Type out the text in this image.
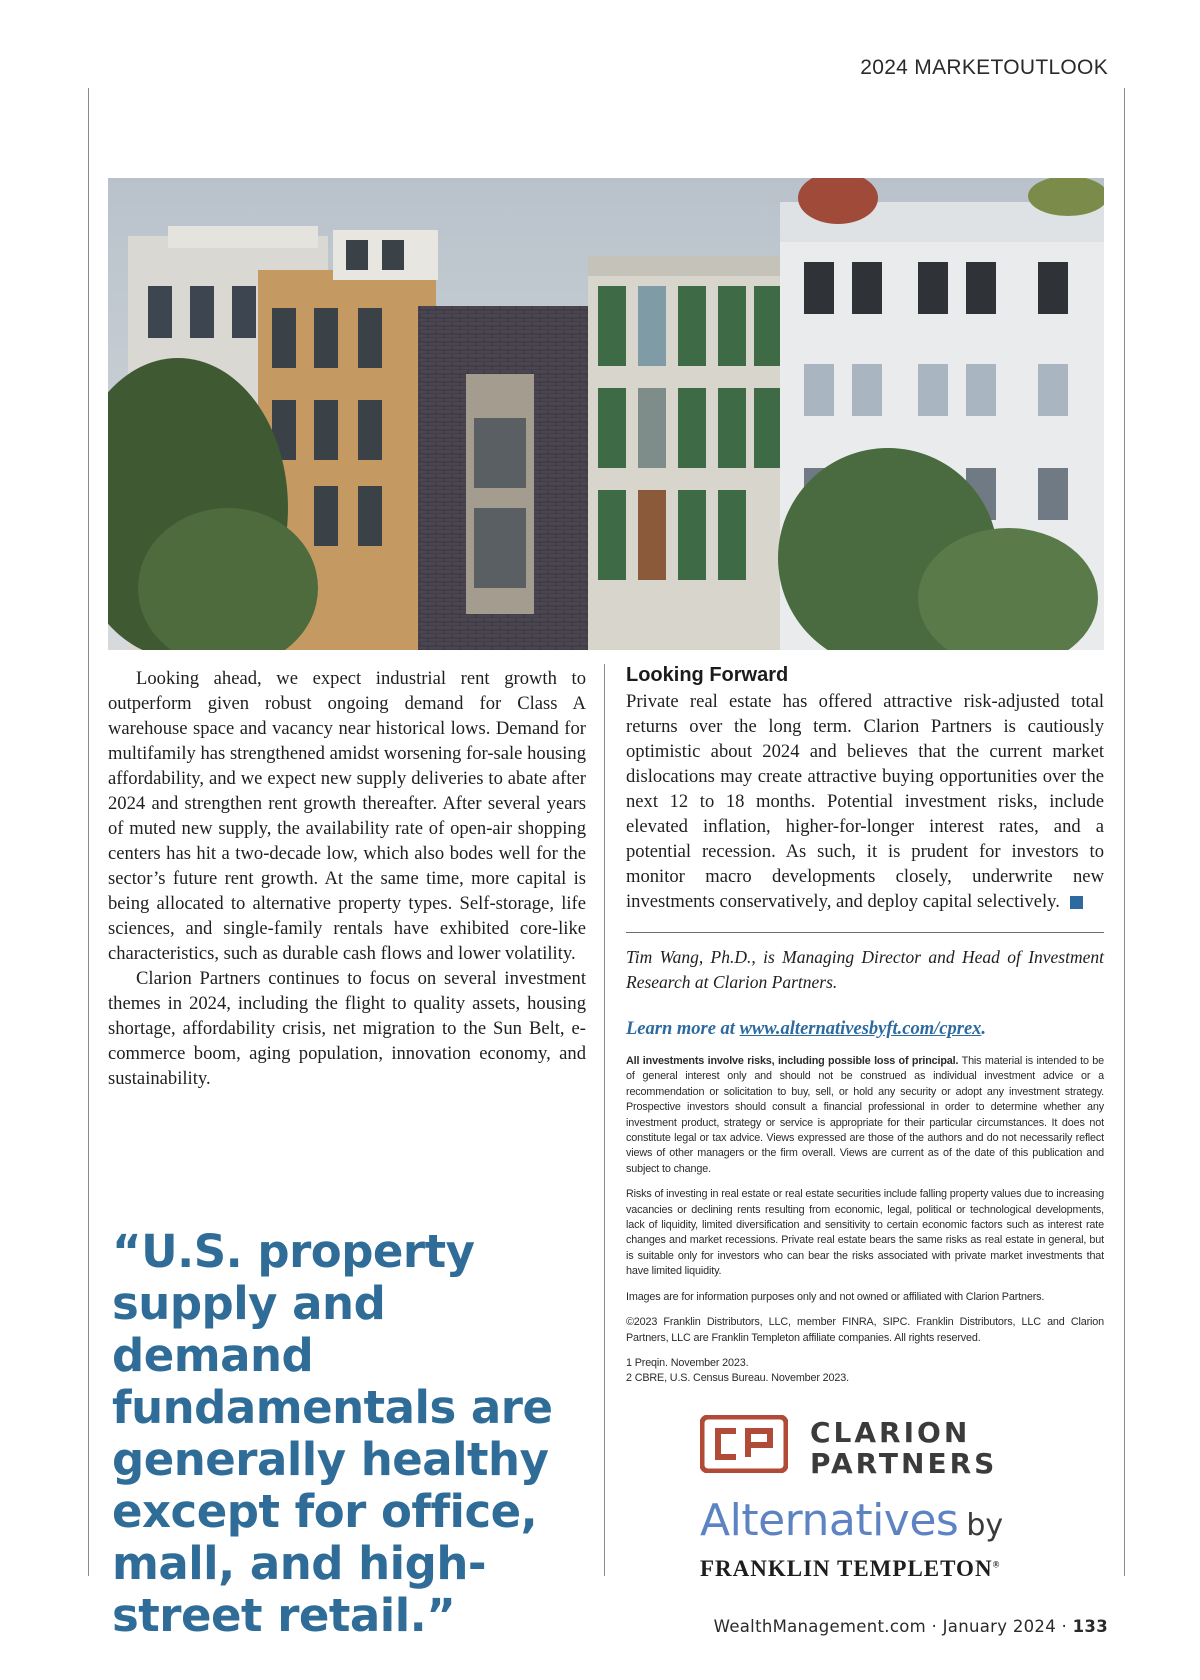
2024 MARKETOUTLOOK

Looking ahead, we expect industrial rent growth to outperform given robust ongoing demand for Class A warehouse space and vacancy near historical lows. Demand for multifamily has strengthened amidst worsening for-sale housing affordability, and we expect new supply deliveries to abate after 2024 and strengthen rent growth thereafter. After several years of muted new supply, the availability rate of open-air shopping centers has hit a two-decade low, which also bodes well for the sector’s future rent growth. At the same time, more capital is being allocated to alternative property types. Self-storage, life sciences, and single-family rentals have exhibited core-like characteristics, such as durable cash flows and lower volatility.

Clarion Partners continues to focus on several investment themes in 2024, including the flight to quality assets, housing shortage, affordability crisis, net migration to the Sun Belt, e-commerce boom, aging population, innovation economy, and sustainability.

“U.S. property supply and demand fundamentals are generally healthy except for office, mall, and high-street retail.”
Looking Forward

Private real estate has offered attractive risk-adjusted total returns over the long term. Clarion Partners is cautiously optimistic about 2024 and believes that the current market dislocations may create attractive buying opportunities over the next 12 to 18 months. Potential investment risks, include elevated inflation, higher-for-longer interest rates, and a potential recession. As such, it is prudent for investors to monitor macro developments closely, underwrite new investments conservatively, and deploy capital selectively.

Tim Wang, Ph.D., is Managing Director and Head of Investment Research at Clarion Partners.

Learn more at www.alternativesbyft.com/cprex.

All investments involve risks, including possible loss of principal. This material is intended to be of general interest only and should not be construed as individual investment advice or a recommendation or solicitation to buy, sell, or hold any security or adopt any investment strategy. Prospective investors should consult a financial professional in order to determine whether any investment product, strategy or service is appropriate for their particular circumstances. It does not constitute legal or tax advice. Views expressed are those of the authors and do not necessarily reflect views of other managers or the firm overall. Views are current as of the date of this publication and subject to change.

Risks of investing in real estate or real estate securities include falling property values due to increasing vacancies or declining rents resulting from economic, legal, political or technological developments, lack of liquidity, limited diversification and sensitivity to certain economic factors such as interest rate changes and market recessions. Private real estate bears the same risks as real estate in general, but is suitable only for investors who can bear the risks associated with private market investments that have limited liquidity.

Images are for information purposes only and not owned or affiliated with Clarion Partners.

©2023 Franklin Distributors, LLC, member FINRA, SIPC. Franklin Distributors, LLC and Clarion Partners, LLC are Franklin Templeton affiliate companies. All rights reserved.

1 Preqin. November 2023.

2 CBRE, U.S. Census Bureau. November 2023.

CLARION
PARTNERS
Alternatives by
FRANKLIN TEMPLETON®
WealthManagement.com · January 2024 · 133
